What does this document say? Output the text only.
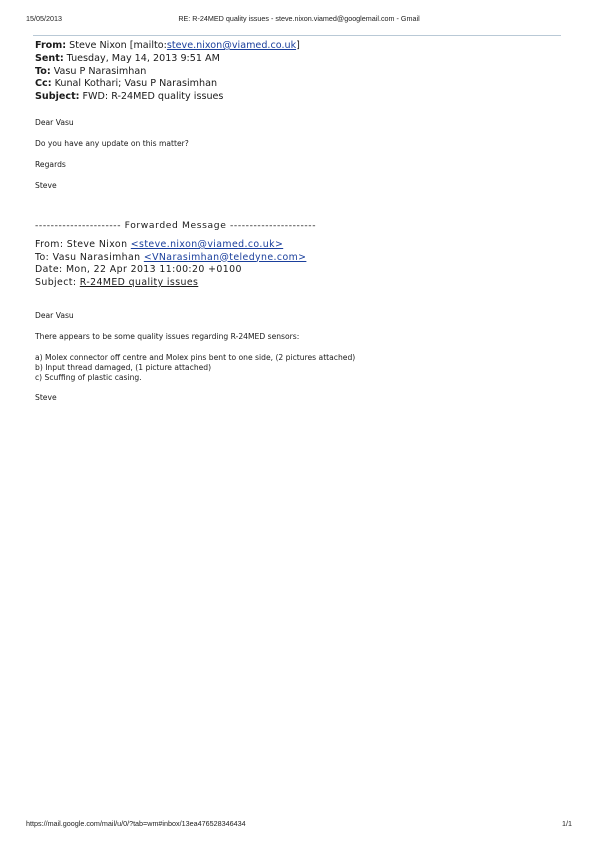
15/05/2013	RE: R-24MED quality issues - steve.nixon.viamed@googlemail.com - Gmail
From: Steve Nixon [mailto:steve.nixon@viamed.co.uk]
Sent: Tuesday, May 14, 2013 9:51 AM
To: Vasu P Narasimhan
Cc: Kunal Kothari; Vasu P Narasimhan
Subject: FWD: R-24MED quality issues
Dear Vasu
Do you have any update on this matter?
Regards
Steve
---------------------- Forwarded Message ----------------------
From: Steve Nixon <steve.nixon@viamed.co.uk>
To: Vasu Narasimhan <VNarasimhan@teledyne.com>
Date: Mon, 22 Apr 2013 11:00:20 +0100
Subject: R-24MED quality issues
Dear Vasu
There appears to be some quality issues regarding R-24MED sensors:
a) Molex connector off centre and Molex pins bent to one side, (2 pictures attached)
b) Input thread damaged, (1 picture attached)
c) Scuffing of plastic casing.
Steve
https://mail.google.com/mail/u/0/?tab=wm#inbox/13ea476528346434	1/1
